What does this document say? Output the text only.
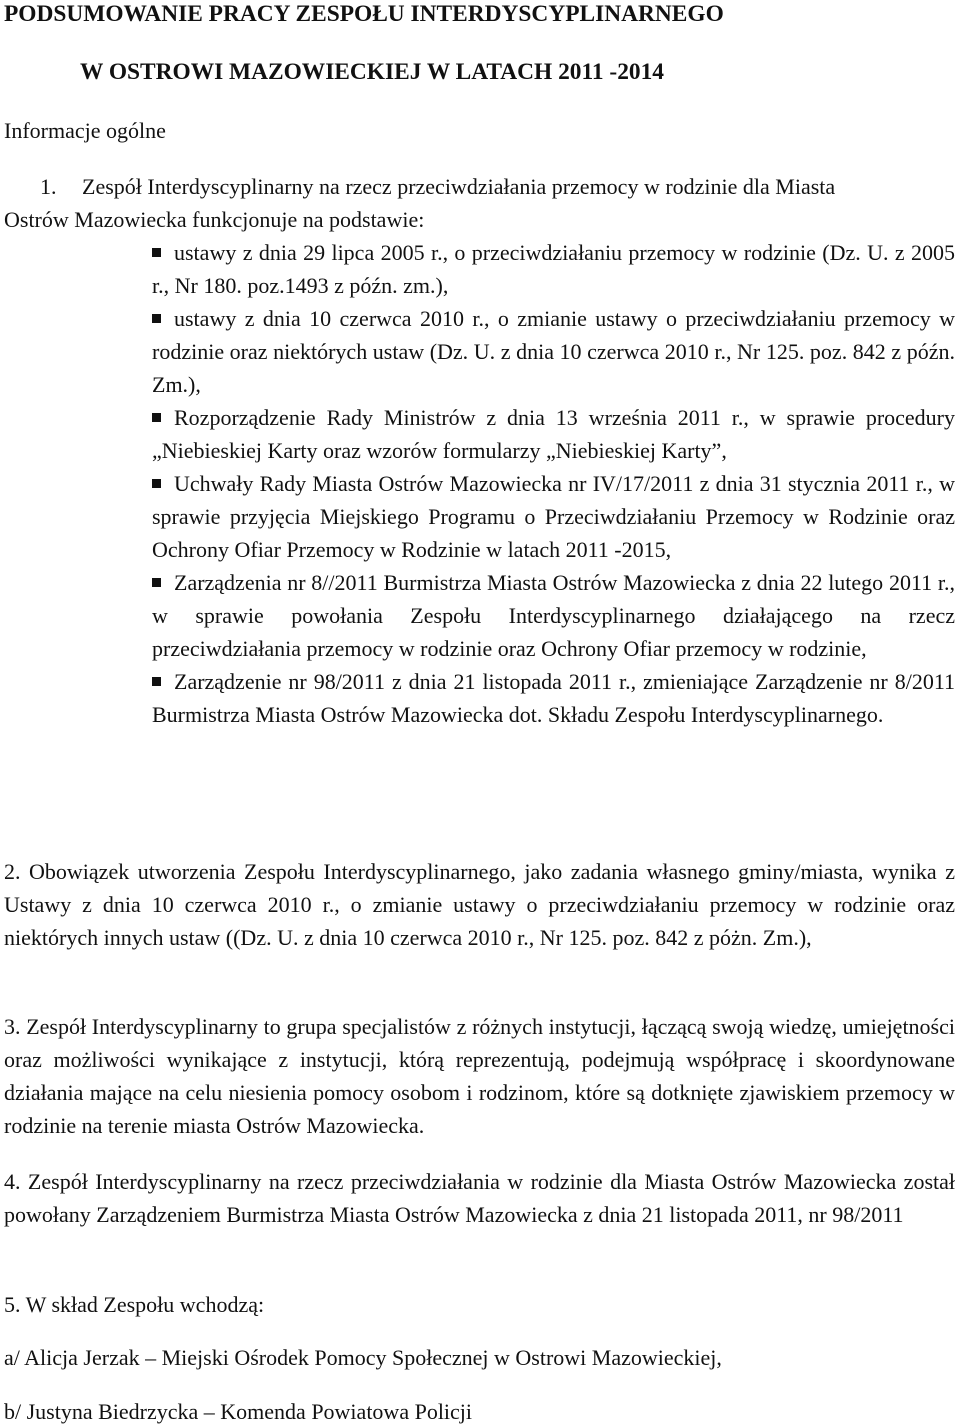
PODSUMOWANIE PRACY ZESPOŁU INTERDYSCYPLINARNEGO
W OSTROWI MAZOWIECKIEJ W LATACH 2011 -2014
Informacje ogólne
1. Zespół Interdyscyplinarny na rzecz przeciwdziałania przemocy w rodzinie dla Miasta
Ostrów Mazowiecka funkcjonuje na podstawie:

ustawy z dnia 29 lipca 2005 r., o przeciwdziałaniu przemocy w rodzinie (Dz. U. z 2005 r., Nr 180. poz.1493 z późn. zm.),

ustawy z dnia 10 czerwca 2010 r., o zmianie ustawy o przeciwdziałaniu przemocy w rodzinie oraz niektórych ustaw (Dz. U. z dnia 10 czerwca 2010 r., Nr 125. poz. 842 z późn. Zm.),

Rozporządzenie Rady Ministrów z dnia 13 września 2011 r., w sprawie procedury „Niebieskiej Karty oraz wzorów formularzy „Niebieskiej Karty”,

Uchwały Rady Miasta Ostrów Mazowiecka nr IV/17/2011 z dnia 31 stycznia 2011 r., w sprawie przyjęcia Miejskiego Programu o Przeciwdziałaniu Przemocy w Rodzinie oraz Ochrony Ofiar Przemocy w Rodzinie w latach 2011 -2015,

Zarządzenia nr 8//2011 Burmistrza Miasta Ostrów Mazowiecka z dnia 22 lutego 2011 r., w sprawie powołania Zespołu Interdyscyplinarnego działającego na rzecz przeciwdziałania przemocy w rodzinie oraz Ochrony Ofiar przemocy w rodzinie,

Zarządzenie nr 98/2011 z dnia 21 listopada 2011 r., zmieniające Zarządzenie nr 8/2011 Burmistrza Miasta Ostrów Mazowiecka dot. Składu Zespołu Interdyscyplinarnego.

2. Obowiązek utworzenia Zespołu Interdyscyplinarnego, jako zadania własnego gminy/miasta, wynika z Ustawy z dnia 10 czerwca 2010 r., o zmianie ustawy o przeciwdziałaniu przemocy w rodzinie oraz niektórych innych ustaw ((Dz. U. z dnia 10 czerwca 2010 r., Nr 125. poz. 842 z póżn. Zm.),
3. Zespół Interdyscyplinarny to grupa specjalistów z różnych instytucji, łączącą swoją wiedzę, umiejętności oraz możliwości wynikające z instytucji, którą reprezentują, podejmują współpracę i skoordynowane działania mające na celu niesienia pomocy osobom i rodzinom, które są dotknięte zjawiskiem przemocy w rodzinie na terenie miasta Ostrów Mazowiecka.
4. Zespół Interdyscyplinarny na rzecz przeciwdziałania w rodzinie dla Miasta Ostrów Mazowiecka został powołany Zarządzeniem Burmistrza Miasta Ostrów Mazowiecka z dnia 21 listopada 2011, nr 98/2011
5. W skład Zespołu wchodzą:
a/ Alicja Jerzak – Miejski Ośrodek Pomocy Społecznej w Ostrowi Mazowieckiej,
b/ Justyna Biedrzycka – Komenda Powiatowa Policji
